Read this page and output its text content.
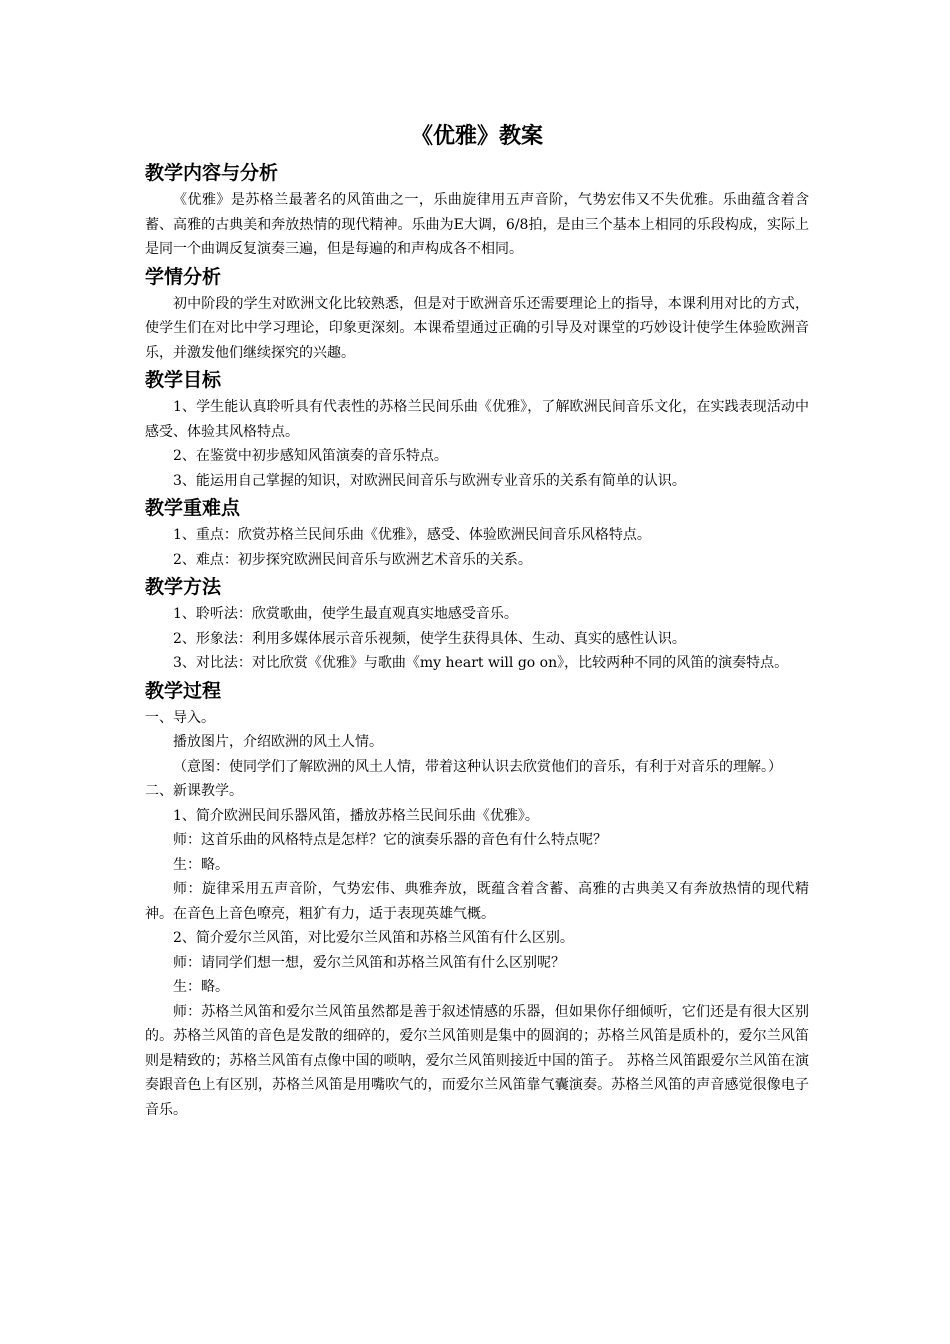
《优雅》教案
教学内容与分析

《优雅》是苏格兰最著名的风笛曲之一，乐曲旋律用五声音阶，气势宏伟又不失优雅。乐曲蕴含着含蓄、高雅的古典美和奔放热情的现代精神。乐曲为E大调，6/8拍，是由三个基本上相同的乐段构成，实际上是同一个曲调反复演奏三遍，但是每遍的和声构成各不相同。

学情分析

初中阶段的学生对欧洲文化比较熟悉，但是对于欧洲音乐还需要理论上的指导，本课利用对比的方式，使学生们在对比中学习理论，印象更深刻。本课希望通过正确的引导及对课堂的巧妙设计使学生体验欧洲音乐，并激发他们继续探究的兴趣。

教学目标

1、学生能认真聆听具有代表性的苏格兰民间乐曲《优雅》，了解欧洲民间音乐文化，在实践表现活动中感受、体验其风格特点。

2、在鉴赏中初步感知风笛演奏的音乐特点。

3、能运用自己掌握的知识，对欧洲民间音乐与欧洲专业音乐的关系有简单的认识。

教学重难点

1、重点：欣赏苏格兰民间乐曲《优雅》，感受、体验欧洲民间音乐风格特点。

2、难点：初步探究欧洲民间音乐与欧洲艺术音乐的关系。

教学方法

1、聆听法：欣赏歌曲，使学生最直观真实地感受音乐。

2、形象法：利用多媒体展示音乐视频，使学生获得具体、生动、真实的感性认识。

3、对比法：对比欣赏《优雅》与歌曲《my heart will go on》，比较两种不同的风笛的演奏特点。

教学过程

一、导入。

播放图片，介绍欧洲的风土人情。

（意图：使同学们了解欧洲的风土人情，带着这种认识去欣赏他们的音乐，有利于对音乐的理解。）

二、新课教学。

1、简介欧洲民间乐器风笛，播放苏格兰民间乐曲《优雅》。

师：这首乐曲的风格特点是怎样？它的演奏乐器的音色有什么特点呢？

生：略。

师：旋律采用五声音阶，气势宏伟、典雅奔放，既蕴含着含蓄、高雅的古典美又有奔放热情的现代精神。在音色上音色嘹亮，粗犷有力，适于表现英雄气概。

2、简介爱尔兰风笛，对比爱尔兰风笛和苏格兰风笛有什么区别。

师：请同学们想一想，爱尔兰风笛和苏格兰风笛有什么区别呢？

生：略。

师：苏格兰风笛和爱尔兰风笛虽然都是善于叙述情感的乐器，但如果你仔细倾听，它们还是有很大区别的。苏格兰风笛的音色是发散的细碎的，爱尔兰风笛则是集中的圆润的；苏格兰风笛是质朴的，爱尔兰风笛则是精致的；苏格兰风笛有点像中国的唢呐，爱尔兰风笛则接近中国的笛子。 苏格兰风笛跟爱尔兰风笛在演奏跟音色上有区别，苏格兰风笛是用嘴吹气的，而爱尔兰风笛靠气囊演奏。苏格兰风笛的声音感觉很像电子音乐。
